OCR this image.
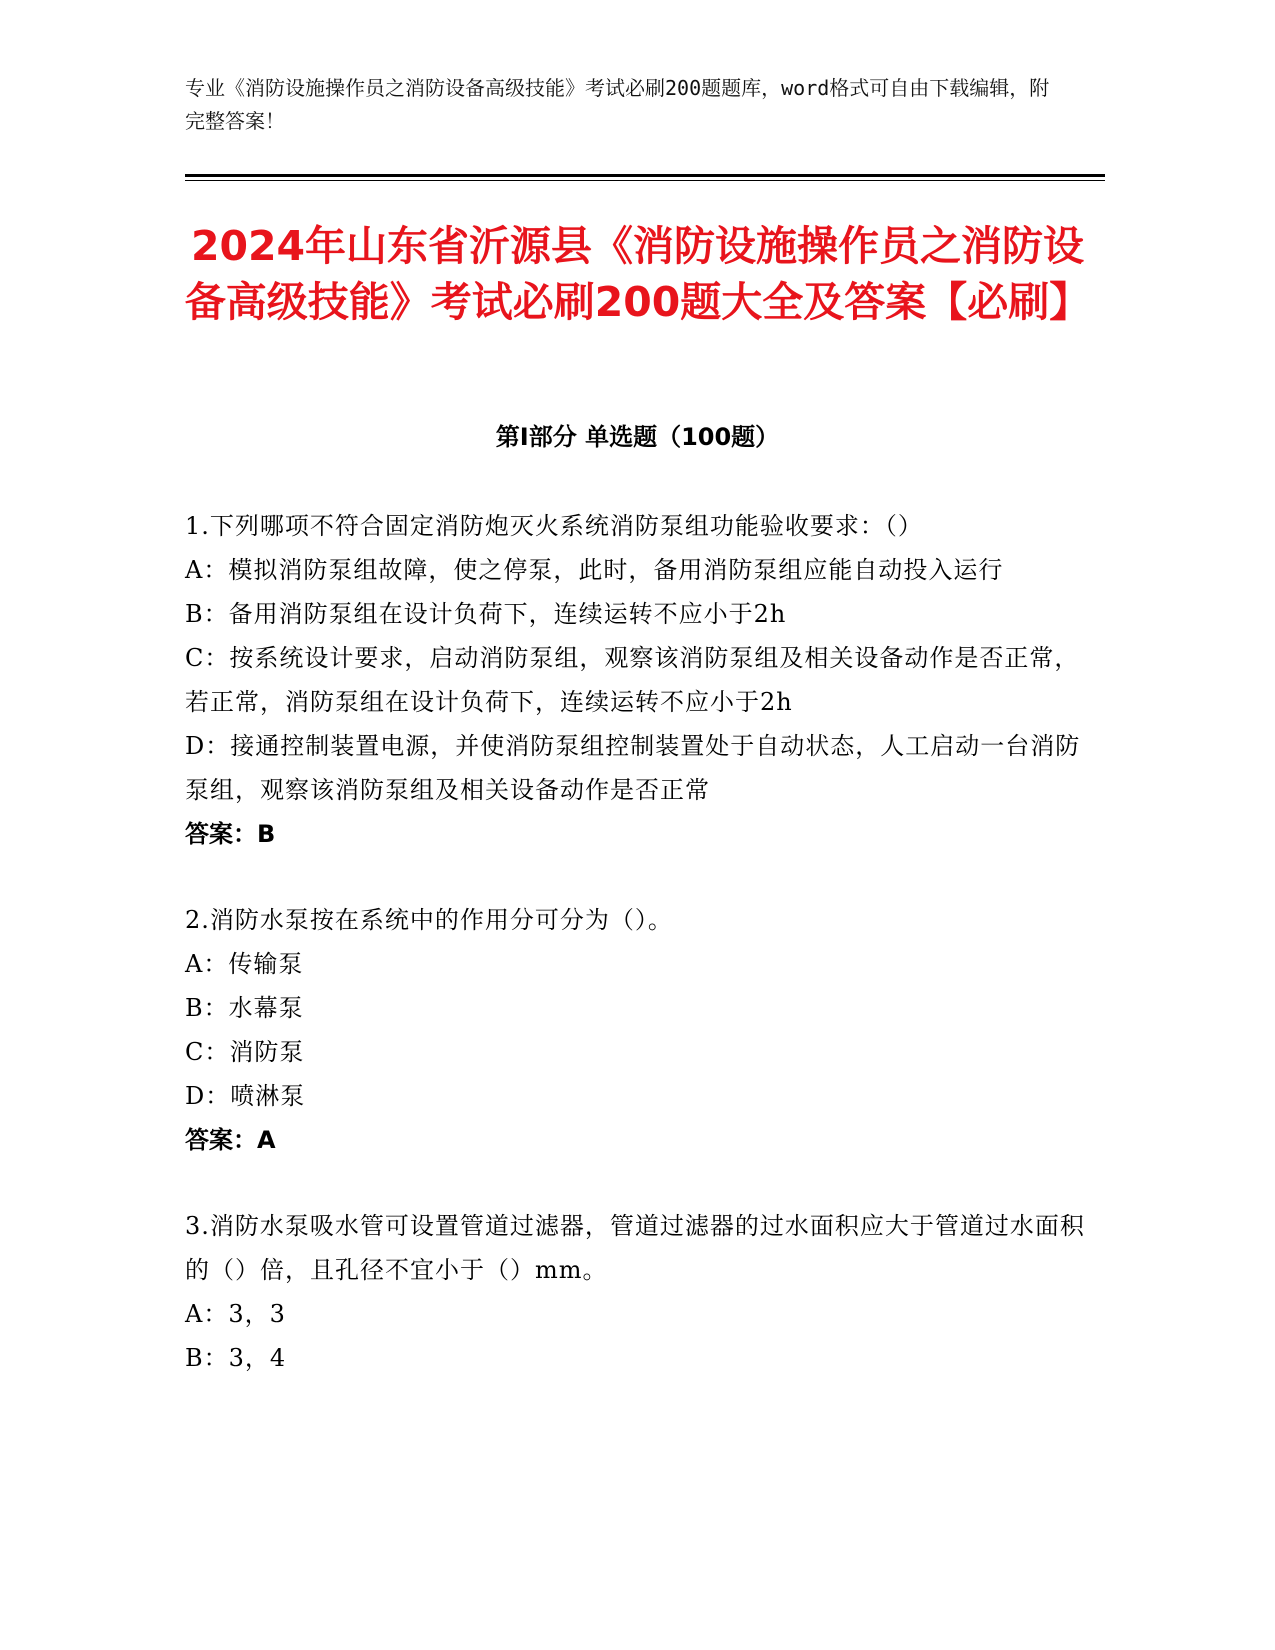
专业《消防设施操作员之消防设备高级技能》考试必刷200题题库，word格式可自由下载编辑，附完整答案！
2024年山东省沂源县《消防设施操作员之消防设备高级技能》考试必刷200题大全及答案【必刷】
第I部分 单选题（100题）

1.下列哪项不符合固定消防炮灭火系统消防泵组功能验收要求：（）

A：模拟消防泵组故障，使之停泵，此时，备用消防泵组应能自动投入运行

B：备用消防泵组在设计负荷下，连续运转不应小于2h

C：按系统设计要求，启动消防泵组，观察该消防泵组及相关设备动作是否正常，若正常，消防泵组在设计负荷下，连续运转不应小于2h

D：接通控制装置电源，并使消防泵组控制装置处于自动状态，人工启动一台消防泵组，观察该消防泵组及相关设备动作是否正常

答案：B

2.消防水泵按在系统中的作用分可分为（）。

A：传输泵

B：水幕泵

C：消防泵

D：喷淋泵

答案：A

3.消防水泵吸水管可设置管道过滤器，管道过滤器的过水面积应大于管道过水面积的（）倍，且孔径不宜小于（）mm。

A：3，3

B：3，4
